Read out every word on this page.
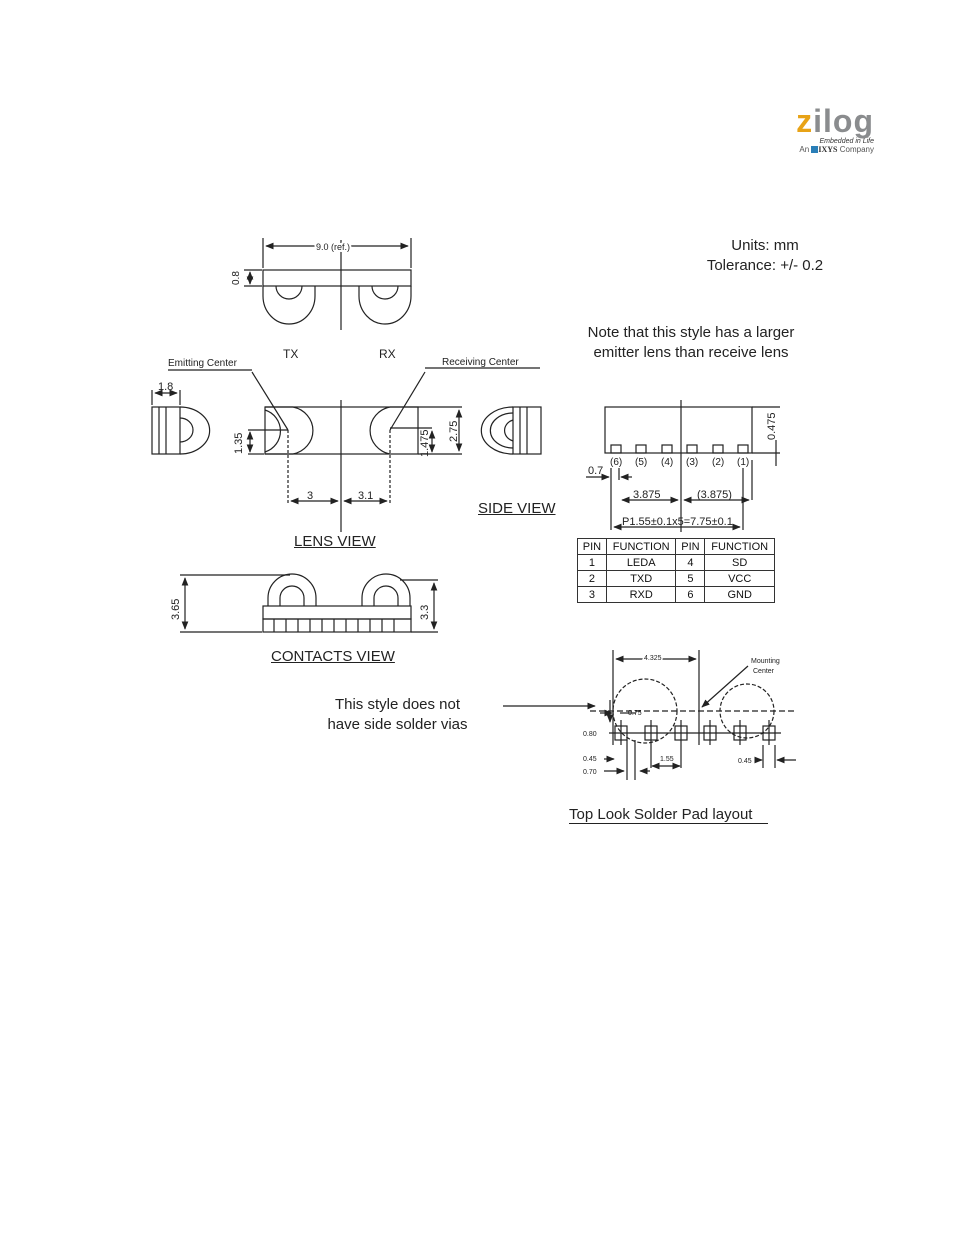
zilog
Embedded in Life
An IXYS Company
Units: mm
Tolerance: +/- 0.2
Note that this style has a larger
emitter lens than receive lens
This style does not
have side solder vias
LENS VIEW
SIDE VIEW
CONTACTS VIEW
Top Look Solder Pad layout
PIN	FUNCTION	PIN	FUNCTION
1	LEDA	4	SD
2	TXD	5	VCC
3	RXD	6	GND
9.0 (ref.)
0.8
TX	RX
Emitting Center	Receiving Center
1.8
1.35	1.475 2.75
3	3.1
0.475
(6) (5) (4) (3) (2) (1)
0.7
3.875	(3.875)
P1.55±0.1x5=7.75±0.1
3.65	3.3
4.325	Mounting
Center
0.75
0.80
0.45
0.70
1.55	0.45
